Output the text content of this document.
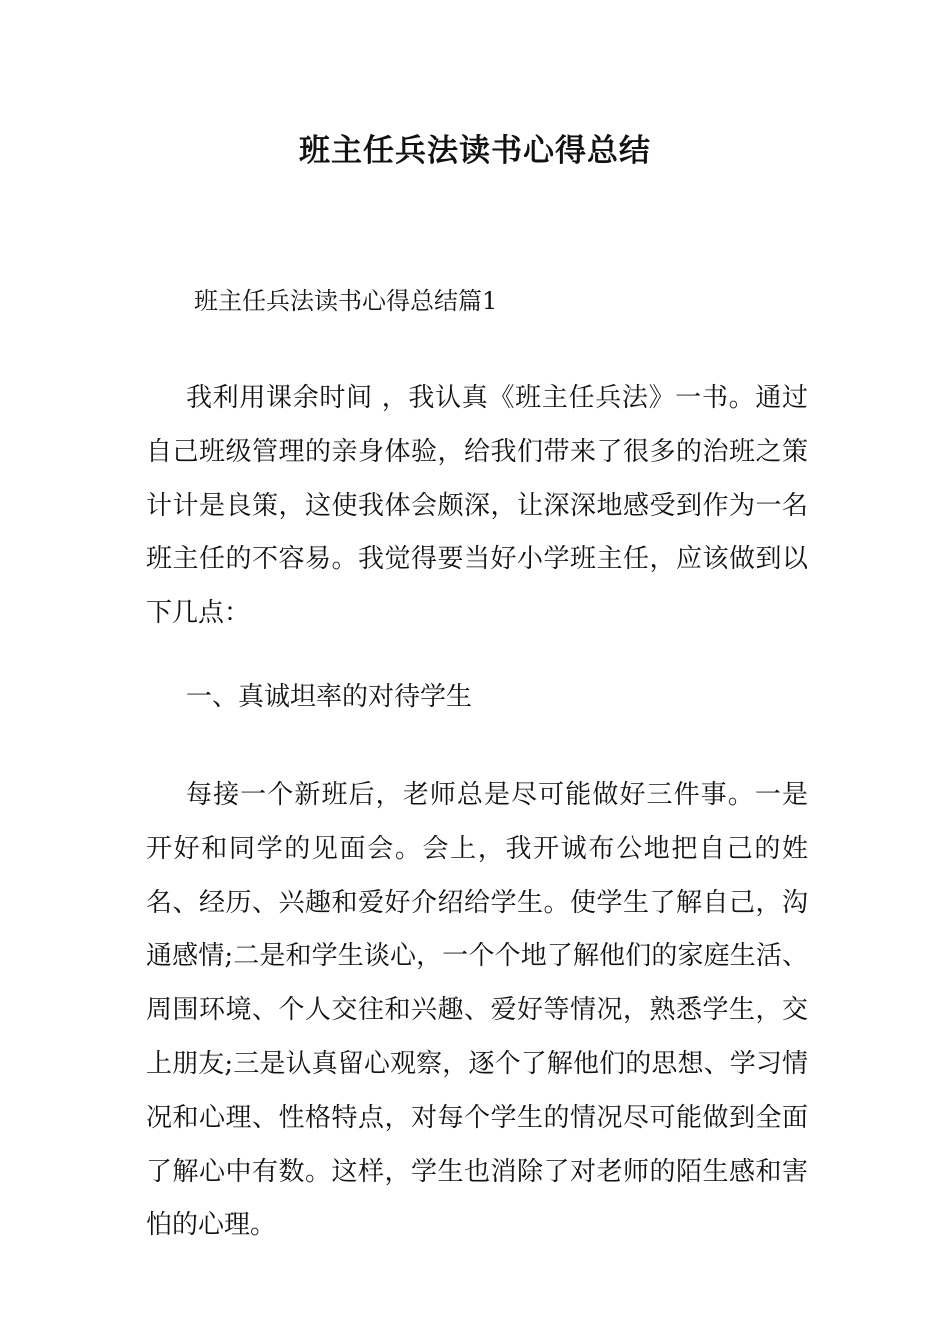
班主任兵法读书心得总结

班主任兵法读书心得总结篇1

我利用课余时间 ，我认真《班主任兵法》一书。通过自己班级管理的亲身体验，给我们带来了很多的治班之策计计是良策，这使我体会颇深，让深深地感受到作为一名班主任的不容易。我觉得要当好小学班主任，应该做到以下几点：

一、真诚坦率的对待学生

每接一个新班后，老师总是尽可能做好三件事。一是开好和同学的见面会。会上，我开诚布公地把自己的姓名、经历、兴趣和爱好介绍给学生。使学生了解自己，沟通感情;二是和学生谈心，一个个地了解他们的家庭生活、周围环境、个人交往和兴趣、爱好等情况，熟悉学生，交上朋友;三是认真留心观察，逐个了解他们的思想、学习情况和心理、性格特点，对每个学生的情况尽可能做到全面了解心中有数。这样，学生也消除了对老师的陌生感和害怕的心理。
